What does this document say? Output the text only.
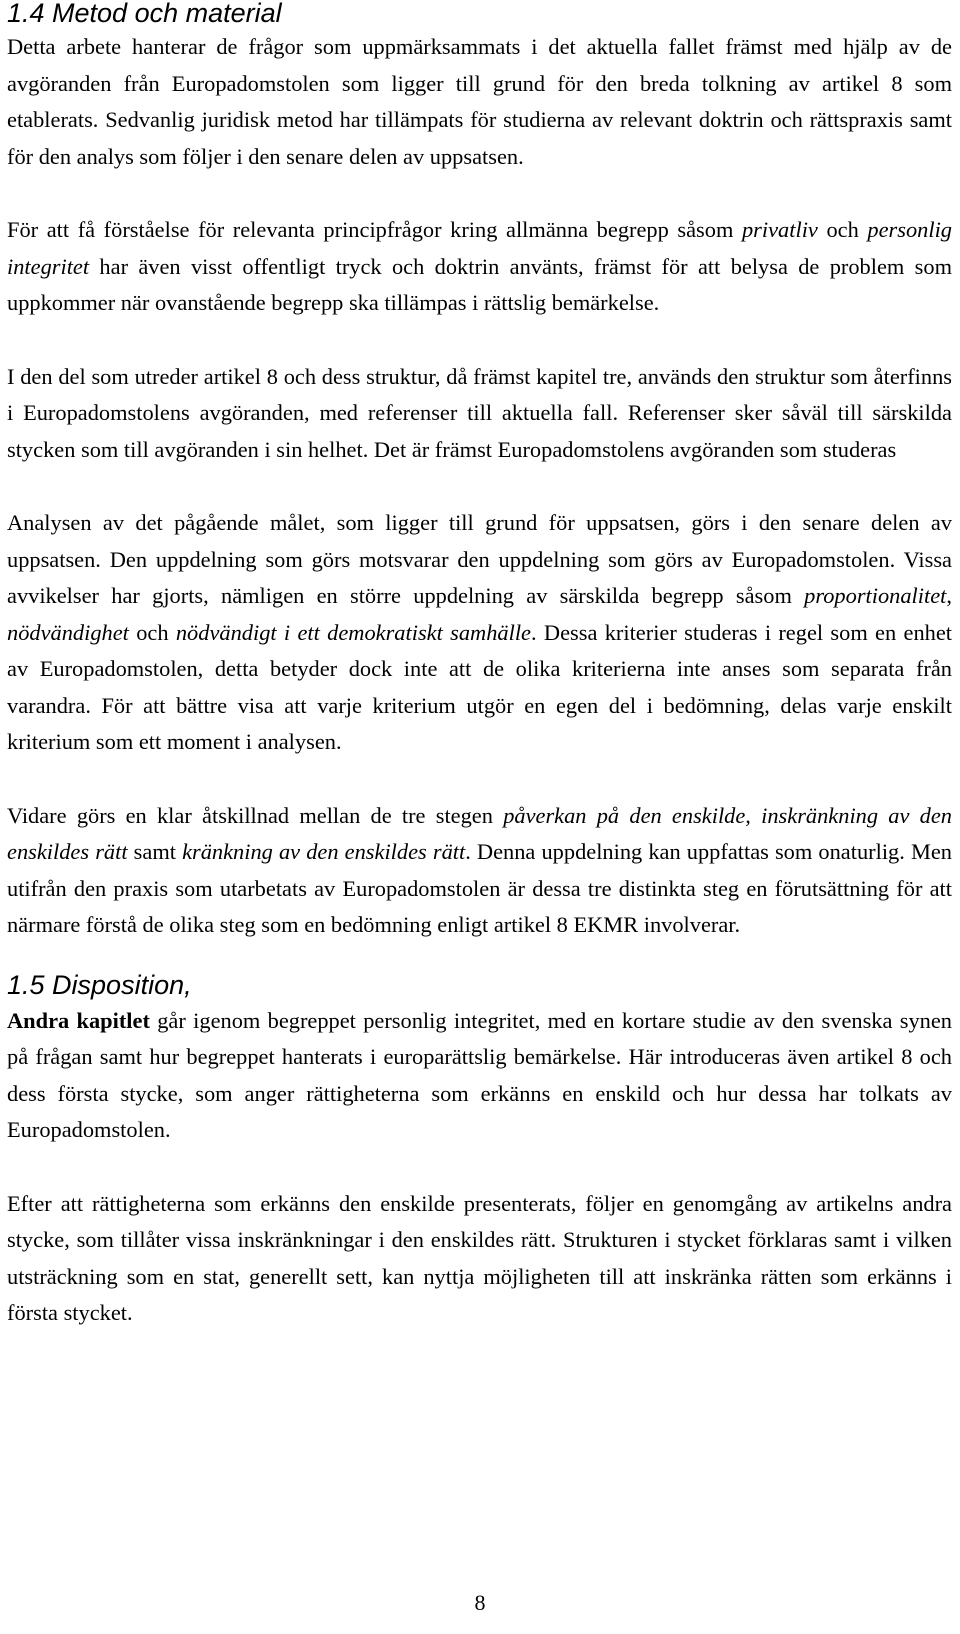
1.4 Metod och material

Detta arbete hanterar de frågor som uppmärksammats i det aktuella fallet främst med hjälp av de avgöranden från Europadomstolen som ligger till grund för den breda tolkning av artikel 8 som etablerats. Sedvanlig juridisk metod har tillämpats för studierna av relevant doktrin och rättspraxis samt för den analys som följer i den senare delen av uppsatsen.

För att få förståelse för relevanta principfrågor kring allmänna begrepp såsom privatliv och personlig integritet har även visst offentligt tryck och doktrin använts, främst för att belysa de problem som uppkommer när ovanstående begrepp ska tillämpas i rättslig bemärkelse.

I den del som utreder artikel 8 och dess struktur, då främst kapitel tre, används den struktur som återfinns i Europadomstolens avgöranden, med referenser till aktuella fall. Referenser sker såväl till särskilda stycken som till avgöranden i sin helhet. Det är främst Europadomstolens avgöranden som studeras

Analysen av det pågående målet, som ligger till grund för uppsatsen, görs i den senare delen av uppsatsen. Den uppdelning som görs motsvarar den uppdelning som görs av Europadomstolen. Vissa avvikelser har gjorts, nämligen en större uppdelning av särskilda begrepp såsom proportionalitet, nödvändighet och nödvändigt i ett demokratiskt samhälle. Dessa kriterier studeras i regel som en enhet av Europadomstolen, detta betyder dock inte att de olika kriterierna inte anses som separata från varandra. För att bättre visa att varje kriterium utgör en egen del i bedömning, delas varje enskilt kriterium som ett moment i analysen.

Vidare görs en klar åtskillnad mellan de tre stegen påverkan på den enskilde, inskränkning av den enskildes rätt samt kränkning av den enskildes rätt. Denna uppdelning kan uppfattas som onaturlig. Men utifrån den praxis som utarbetats av Europadomstolen är dessa tre distinkta steg en förutsättning för att närmare förstå de olika steg som en bedömning enligt artikel 8 EKMR involverar.

1.5 Disposition,

Andra kapitlet går igenom begreppet personlig integritet, med en kortare studie av den svenska synen på frågan samt hur begreppet hanterats i europarättslig bemärkelse. Här introduceras även artikel 8 och dess första stycke, som anger rättigheterna som erkänns en enskild och hur dessa har tolkats av Europadomstolen.

Efter att rättigheterna som erkänns den enskilde presenterats, följer en genomgång av artikelns andra stycke, som tillåter vissa inskränkningar i den enskildes rätt. Strukturen i stycket förklaras samt i vilken utsträckning som en stat, generellt sett, kan nyttja möjligheten till att inskränka rätten som erkänns i första stycket.

8
